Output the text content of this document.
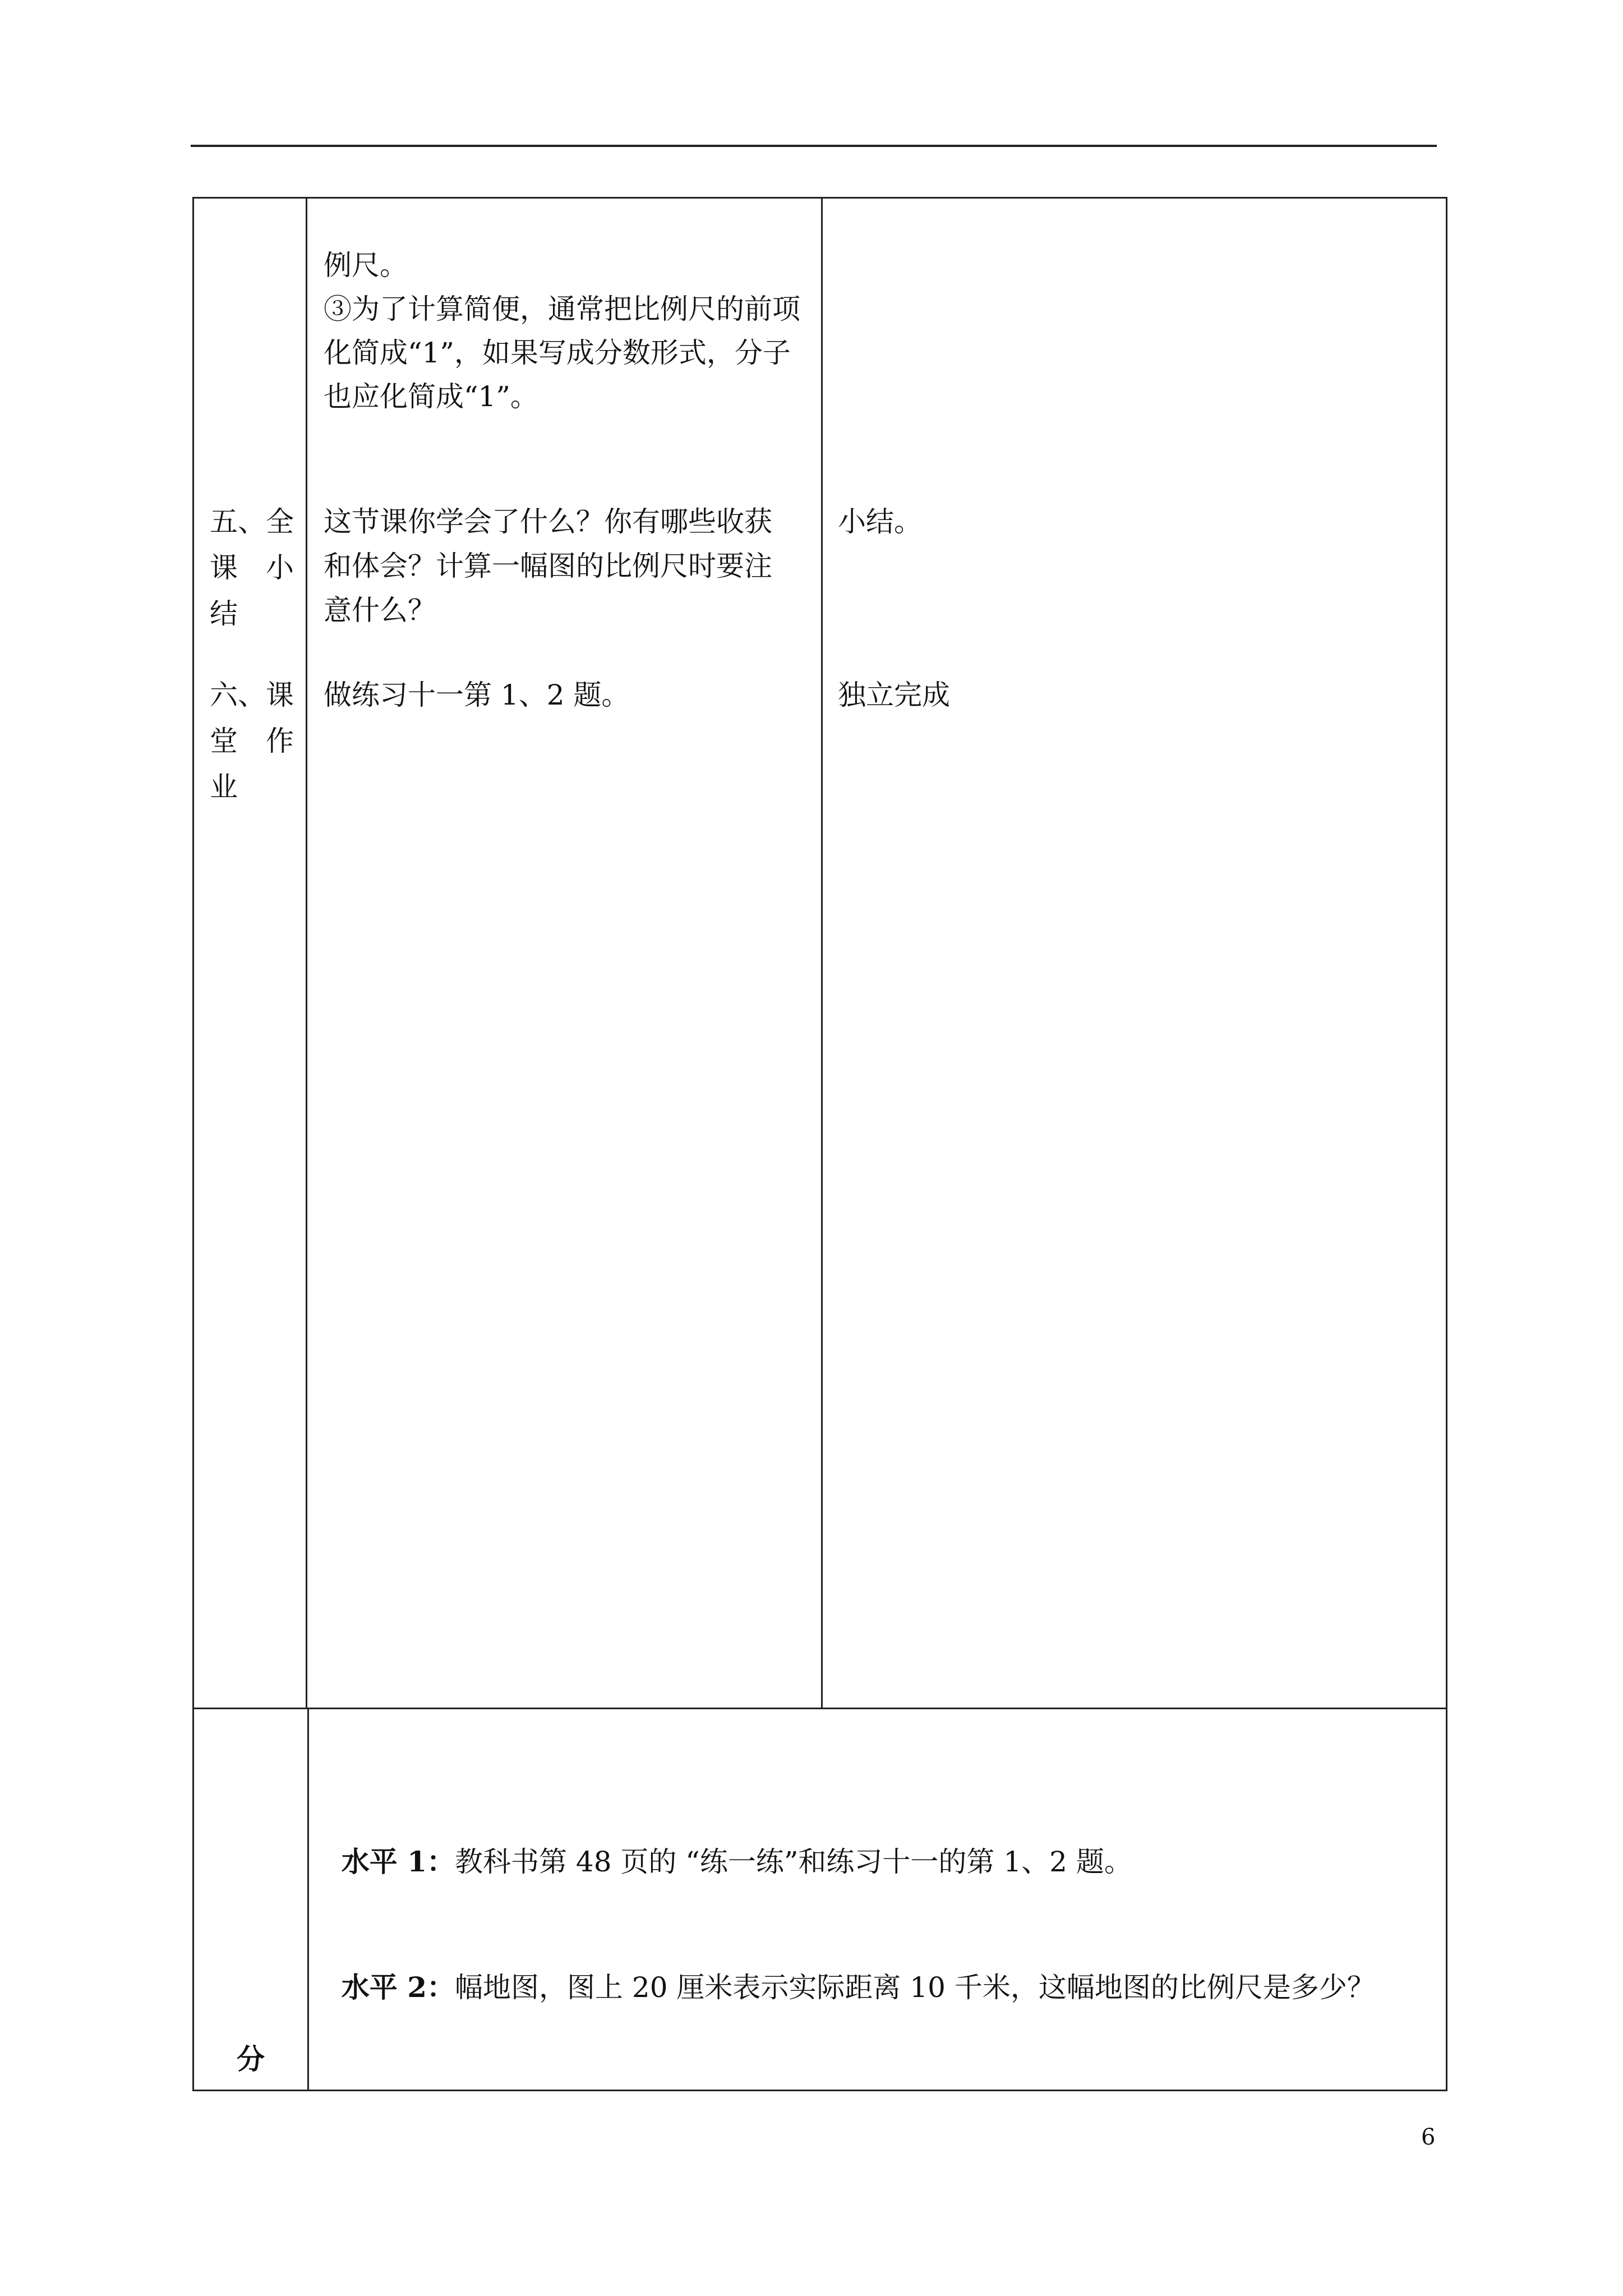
例尺。
③为了计算简便，通常把比例尺的前项
化简成“1”，如果写成分数形式，分子
也应化简成“1”。
五、 全
课 小
结
这节课你学会了什么？你有哪些收获
和体会？计算一幅图的比例尺时要注
意什么？
小结。
六、 课
堂 作
业
做练习十一第 1、2 题。	独立完成
分

水平 1：教科书第 48 页的 “练一练”和练习十一的第 1、2 题。

水平 2：幅地图，图上 20 厘米表示实际距离 10 千米，这幅地图的比例尺是多少？

6
